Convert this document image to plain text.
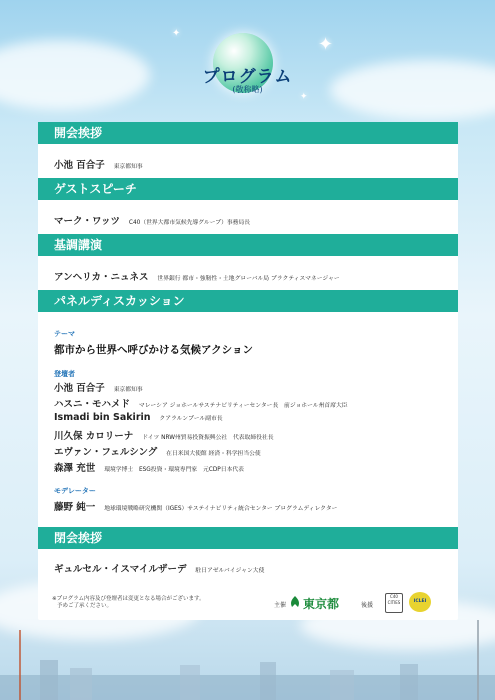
✦
✦
✦
プログラム
(敬称略)
開会挨拶
小池 百合子 東京都知事
ゲストスピーチ
マーク・ワッツ C40（世界大都市気候先導グループ）事務局長
基調講演
アンヘリカ・ニュネス 世界銀行 都市・強靭性・土地グローバル局 プラクティスマネージャー
パネルディスカッション
テーマ
都市から世界へ呼びかける気候アクション
登壇者
小池 百合子 東京都知事
ハスニ・モハメド マレーシア ジョホールサステナビリティーセンター長　前ジョホール州首席大臣
Ismadi bin Sakirin クアラルンプール副市長
川久保 カロリーナ ドイツ NRW州貿易投資振興公社　代表取締役社長
エヴァン・フェルシング 在日米国大使館 経済・科学担当公使
森澤 充世 環境学博士　ESG投資・環境専門家　元CDP日本代表
モデレーター
藤野 純一 地球環境戦略研究機関（IGES）サステイナビリティ統合センター プログラムディレクター
閉会挨拶
ギュルセル・イスマイルザーデ 駐日アゼルバイジャン大使
※プログラム内容及び登壇者は変更となる場合がございます。
予めご了承ください。	主催 東京都	後援
C40 CITIES	ICLEI
